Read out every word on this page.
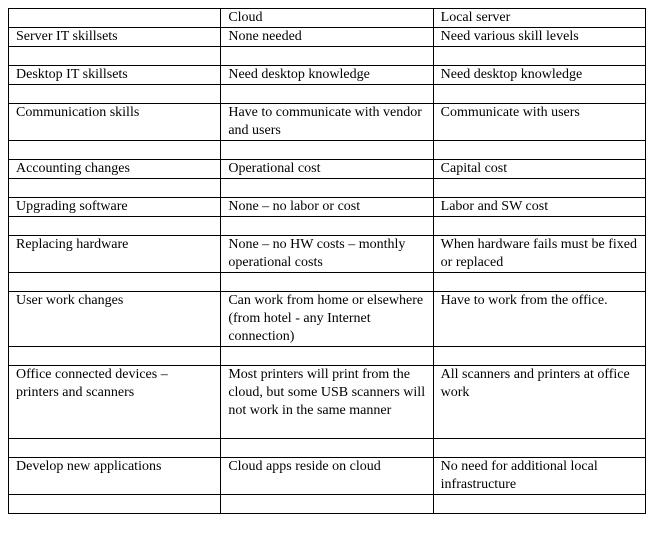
	Cloud	Local server
Server IT skillsets	None needed	Need various skill levels

Desktop IT skillsets	Need desktop knowledge	Need desktop knowledge

Communication skills	Have to communicate with vendor and users	Communicate with users

Accounting changes	Operational cost	Capital cost

Upgrading software	None – no labor or cost	Labor and SW cost

Replacing hardware	None – no HW costs – monthly operational costs	When hardware fails must be fixed or replaced

User work changes	Can work from home or elsewhere (from hotel - any Internet connection)	Have to work from the office.

Office connected devices – printers and scanners	Most printers will print from the cloud, but some USB scanners will not work in the same manner	All scanners and printers at office work

Develop new applications	Cloud apps reside on cloud	No need for additional local infrastructure
